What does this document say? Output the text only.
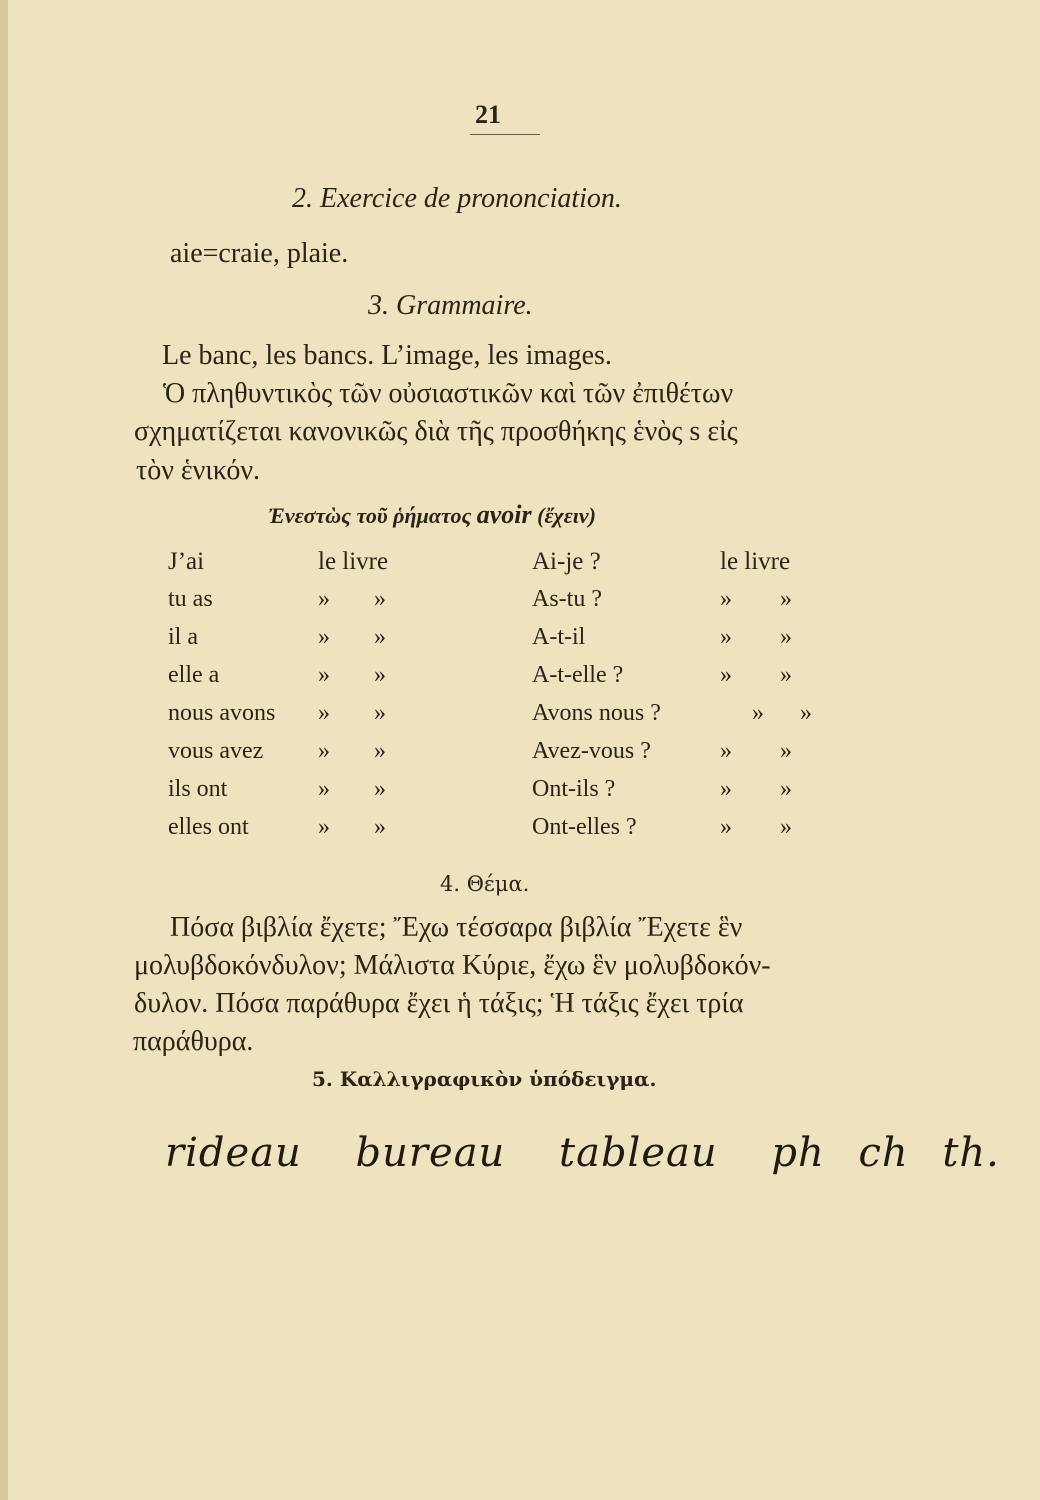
21
2. Exercice de prononciation.
aie=craie, plaie.
3. Grammaire.
Le banc, les bancs. L’image, les images.
Ὁ πληθυντικὸς τῶν οὐσιαστικῶν καὶ τῶν ἐπιθέτων
σχηματίζεται κανονικῶς διὰ τῆς προσθήκης ἑνὸς s εἰς
τὸν ἑνικόν.
Ἐνεστὼς τοῦ ῥήματος avoir (ἔχειν)
J’ai	le livre	Ai-je ?	le livre
tu as	» »	As-tu ?	» »
il a	» »	A-t-il	» »
elle a	» »	A-t-elle ?	» »
nous avons » »	Avons nous ?	» »
vous avez » »	Avez-vous ?	» »
ils ont	» »	Ont-ils ?	» »
elles ont	» »	Ont-elles ?	» »
4. Θέμα.
Πόσα βιβλία ἔχετε; Ἔχω τέσσαρα βιβλία Ἔχετε ἓν
μολυβδοκόνδυλον; Μάλιστα Κύριε, ἔχω ἓν μολυβδοκόν-
δυλον. Πόσα παράθυρα ἔχει ἡ τάξις; Ἡ τάξις ἔχει τρία
παράθυρα.
5. Καλλιγραφικὸν ὑπόδειγμα.
rideau bureau tableau ph ch th.
